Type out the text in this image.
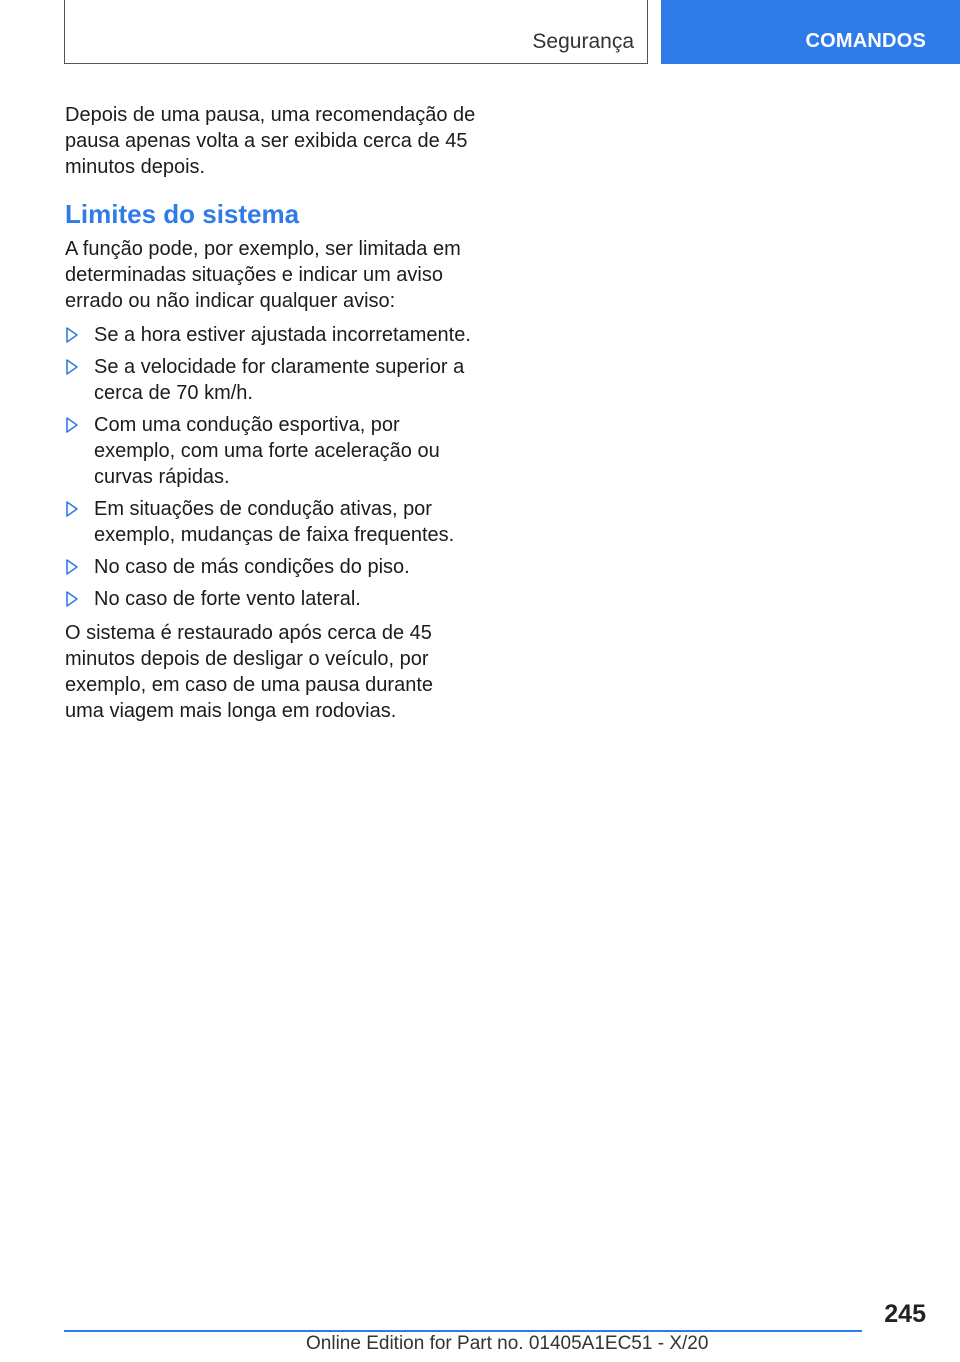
Segurança	COMANDOS

Depois de uma pausa, uma recomendação de pausa apenas volta a ser exibida cerca de 45 minutos depois.

Limites do sistema

A função pode, por exemplo, ser limitada em determinadas situações e indicar um aviso errado ou não indicar qualquer aviso:

Se a hora estiver ajustada incorretamente.
Se a velocidade for claramente superior a cerca de 70 km/h.
Com uma condução esportiva, por exemplo, com uma forte aceleração ou curvas rápidas.
Em situações de condução ativas, por exemplo, mudanças de faixa frequentes.
No caso de más condições do piso.
No caso de forte vento lateral.

O sistema é restaurado após cerca de 45 minutos depois de desligar o veículo, por exemplo, em caso de uma pausa durante uma viagem mais longa em rodovias.

245
Online Edition for Part no. 01405A1EC51 - X/20
